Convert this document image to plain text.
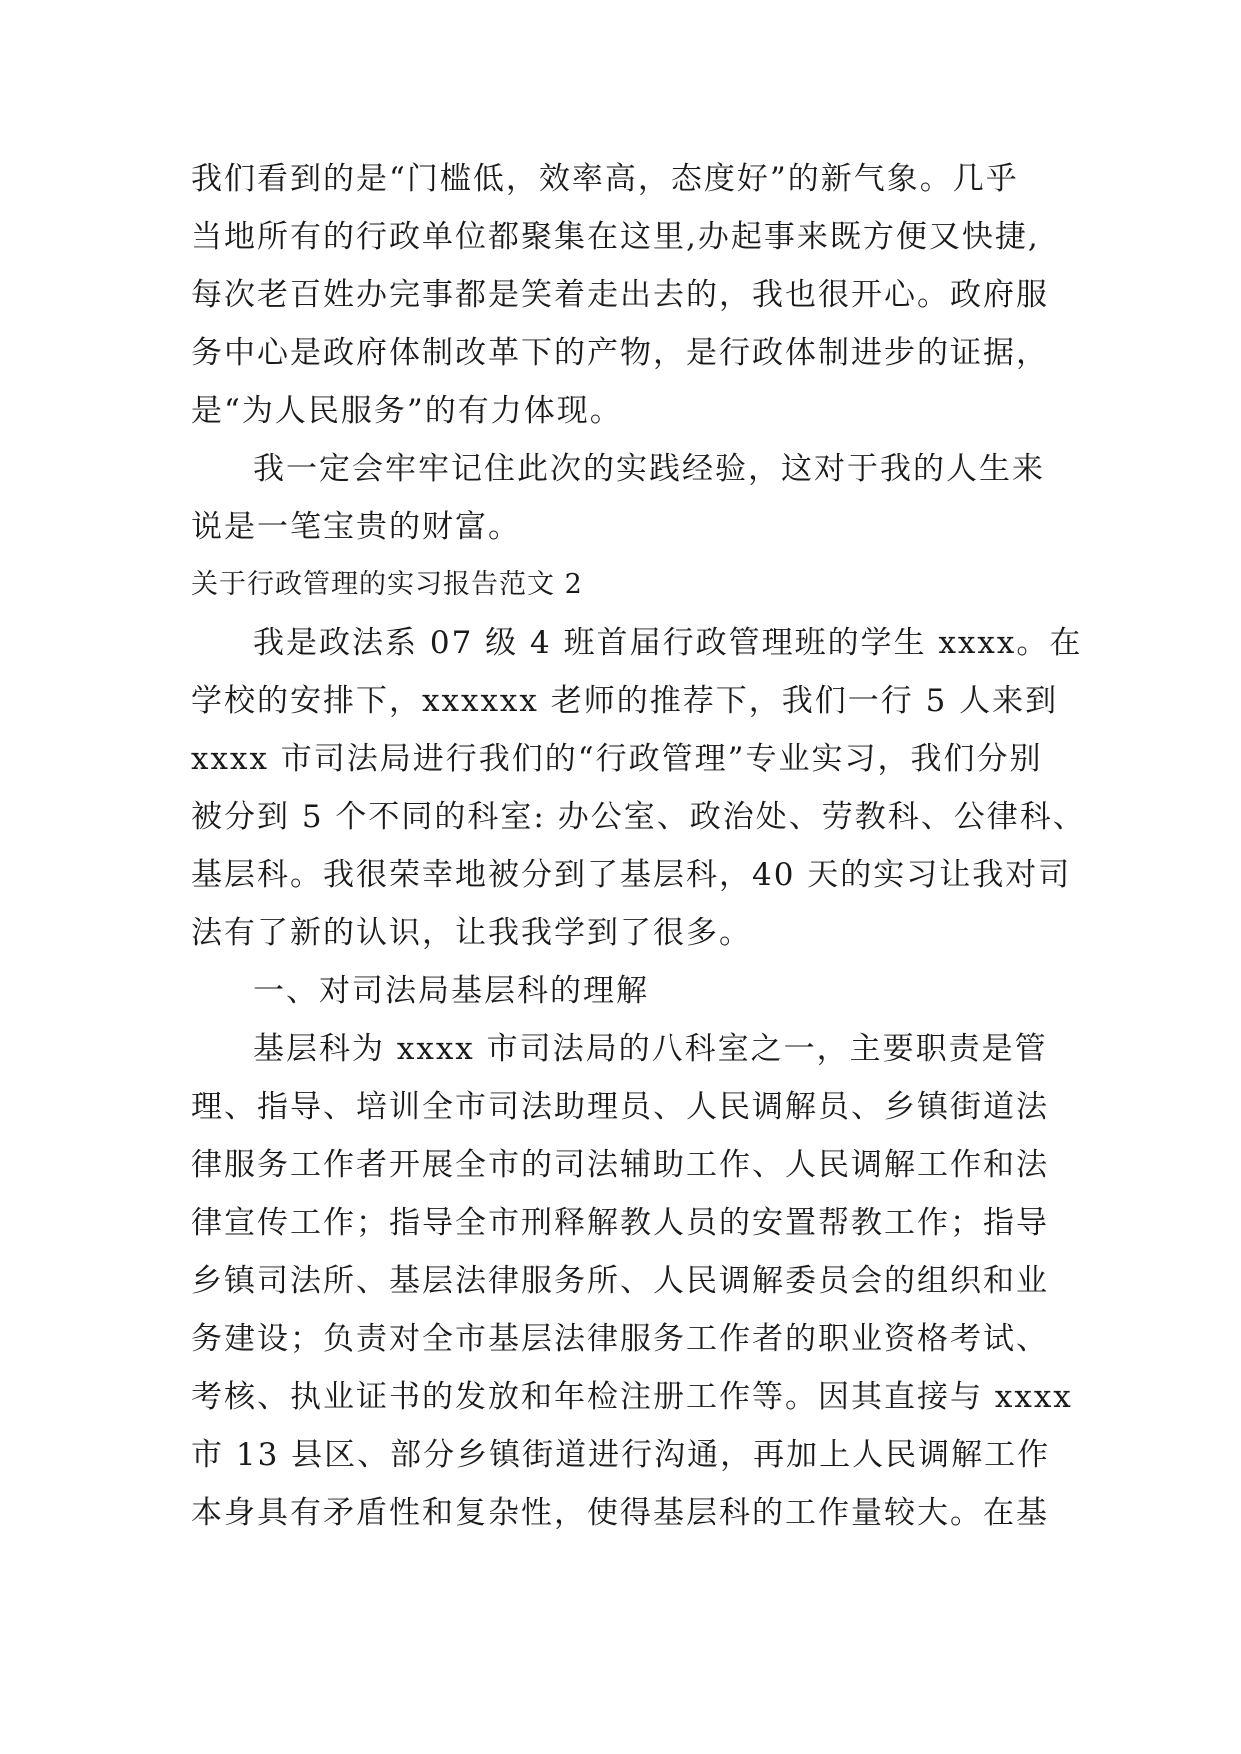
我们看到的是“门槛低，效率高，态度好”的新气象。几乎
当地所有的行政单位都聚集在这里,办起事来既方便又快捷,
每次老百姓办完事都是笑着走出去的，我也很开心。政府服
务中心是政府体制改革下的产物，是行政体制进步的证据，
是“为人民服务”的有力体现。
我一定会牢牢记住此次的实践经验，这对于我的人生来
说是一笔宝贵的财富。
关于行政管理的实习报告范文 2
我是政法系 07 级 4 班首届行政管理班的学生 xxxx。在
学校的安排下，xxxxxx 老师的推荐下，我们一行 5 人来到
xxxx 市司法局进行我们的“行政管理”专业实习，我们分别
被分到 5 个不同的科室: 办公室、政治处、劳教科、公律科、
基层科。我很荣幸地被分到了基层科，40 天的实习让我对司
法有了新的认识，让我我学到了很多。
一、对司法局基层科的理解
基层科为 xxxx 市司法局的八科室之一，主要职责是管
理、指导、培训全市司法助理员、人民调解员、乡镇街道法
律服务工作者开展全市的司法辅助工作、人民调解工作和法
律宣传工作；指导全市刑释解教人员的安置帮教工作；指导
乡镇司法所、基层法律服务所、人民调解委员会的组织和业
务建设；负责对全市基层法律服务工作者的职业资格考试、
考核、执业证书的发放和年检注册工作等。因其直接与 xxxx
市 13 县区、部分乡镇街道进行沟通，再加上人民调解工作
本身具有矛盾性和复杂性，使得基层科的工作量较大。在基
